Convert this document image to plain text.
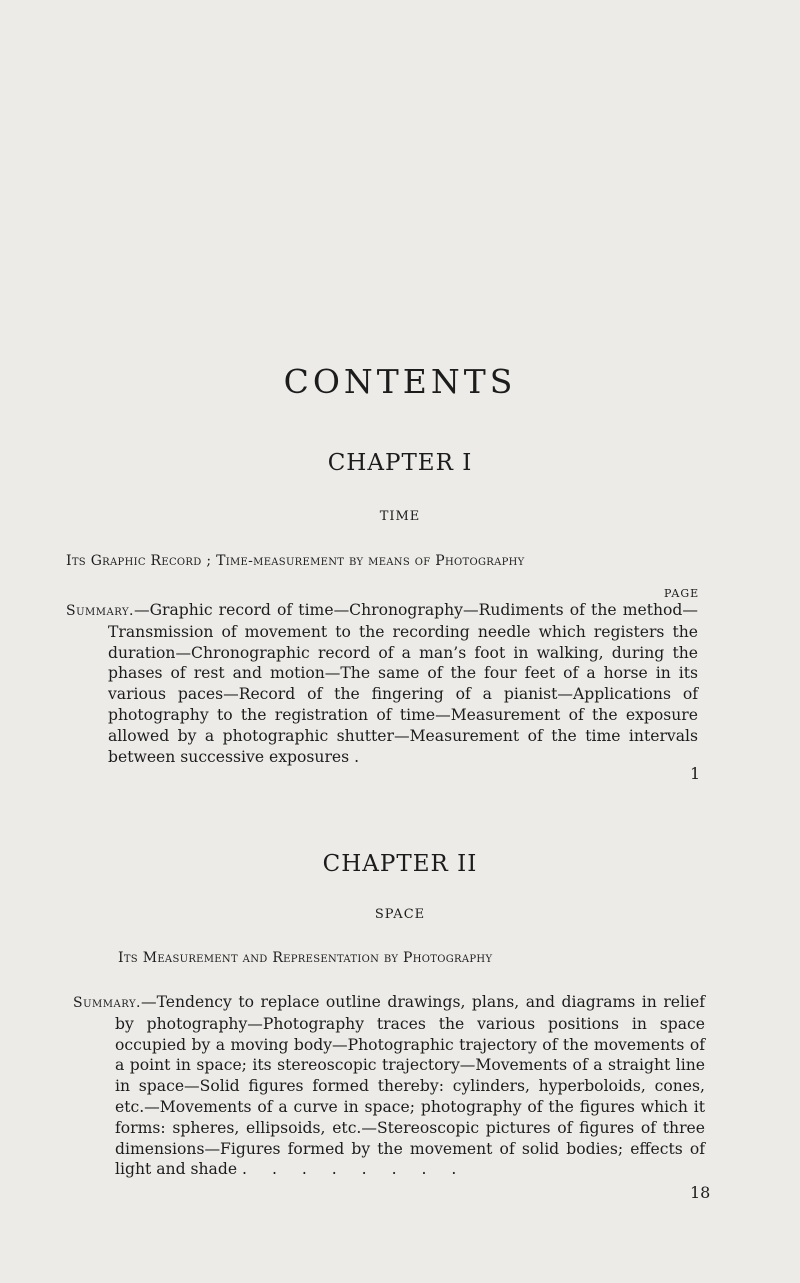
CONTENTS
CHAPTER I
TIME
Its Graphic Record ; Time-measurement by means of Photography
PAGE
Summary.—Graphic record of time—Chronography—Rudiments of the method—Transmission of movement to the recording needle which registers the duration—Chronographic record of a man’s foot in walking, during the phases of rest and motion—The same of the four feet of a horse in its various paces—Record of the fingering of a pianist—Applications of photography to the registration of time—Measurement of the exposure allowed by a photographic shutter—Measurement of the time intervals between successive exposures .
1
CHAPTER II
SPACE
Its Measurement and Representation by Photography
Summary.—Tendency to replace outline drawings, plans, and diagrams in relief by photography—Photography traces the various positions in space occupied by a moving body—Photographic trajectory of the movements of a point in space; its stereoscopic trajectory—Movements of a straight line in space—Solid figures formed thereby: cylinders, hyperboloids, cones, etc.—Movements of a curve in space; photography of the figures which it forms: spheres, ellipsoids, etc.—Stereoscopic pictures of figures of three dimensions—Figures formed by the movement of solid bodies; effects of light and shade . . . . . . . .
18
